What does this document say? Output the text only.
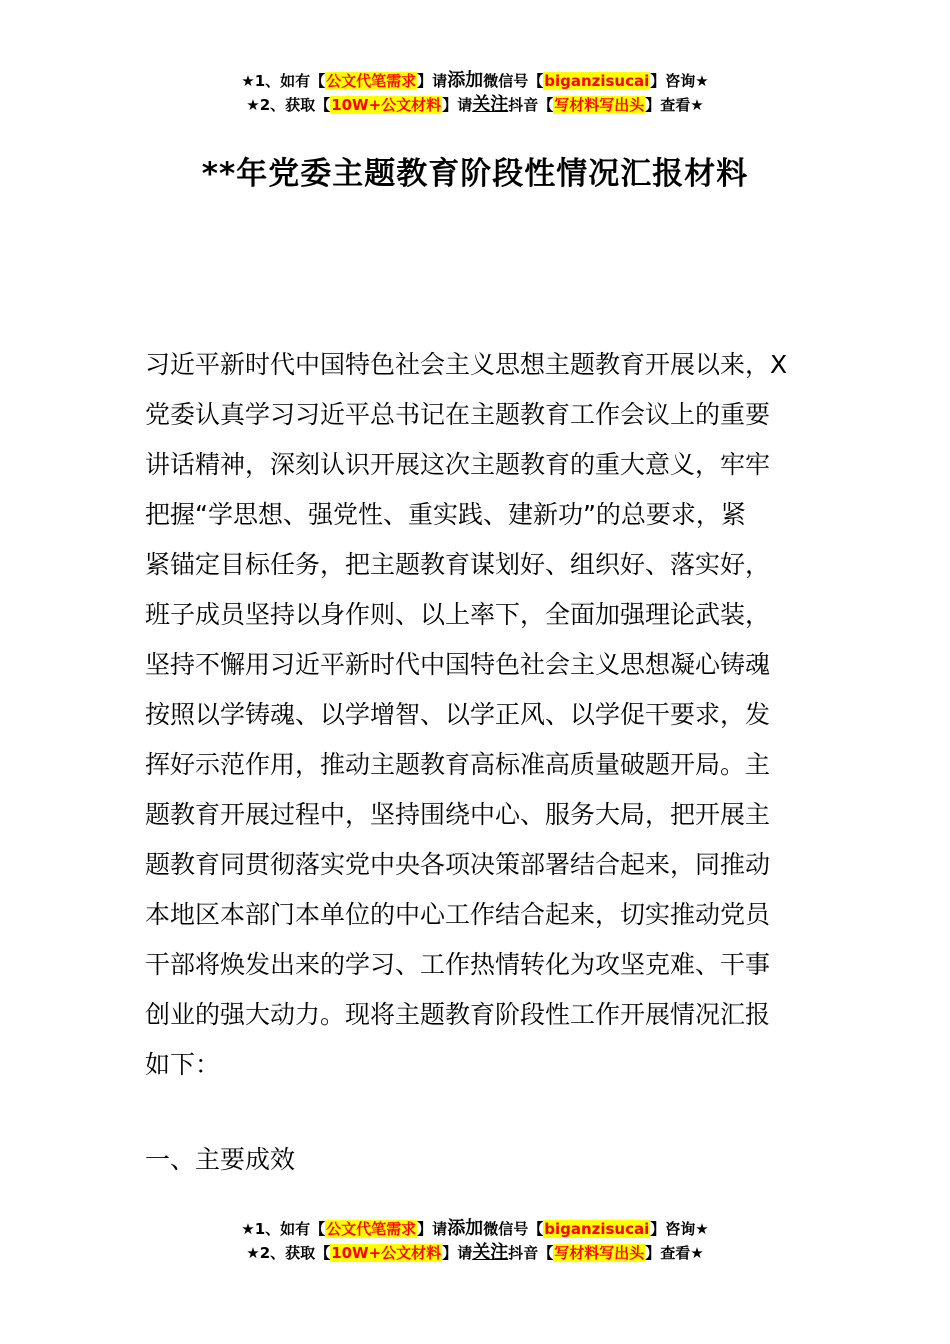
★1、如有【公文代笔需求】请添加微信号【biganzisucai】咨询★
★2、获取【10W+公文材料】请关注抖音【写材料写出头】查看★
**年党委主题教育阶段性情况汇报材料
习近平新时代中国特色社会主义思想主题教育开展以来，X
党委认真学习习近平总书记在主题教育工作会议上的重要
讲话精神，深刻认识开展这次主题教育的重大意义，牢牢
把握“学思想、强党性、重实践、建新功”的总要求，紧
紧锚定目标任务，把主题教育谋划好、组织好、落实好，
班子成员坚持以身作则、以上率下，全面加强理论武装，
坚持不懈用习近平新时代中国特色社会主义思想凝心铸魂
按照以学铸魂、以学增智、以学正风、以学促干要求，发
挥好示范作用，推动主题教育高标准高质量破题开局。主
题教育开展过程中，坚持围绕中心、服务大局，把开展主
题教育同贯彻落实党中央各项决策部署结合起来，同推动
本地区本部门本单位的中心工作结合起来，切实推动党员
干部将焕发出来的学习、工作热情转化为攻坚克难、干事
创业的强大动力。现将主题教育阶段性工作开展情况汇报
如下：
一、主要成效
★1、如有【公文代笔需求】请添加微信号【biganzisucai】咨询★
★2、获取【10W+公文材料】请关注抖音【写材料写出头】查看★
